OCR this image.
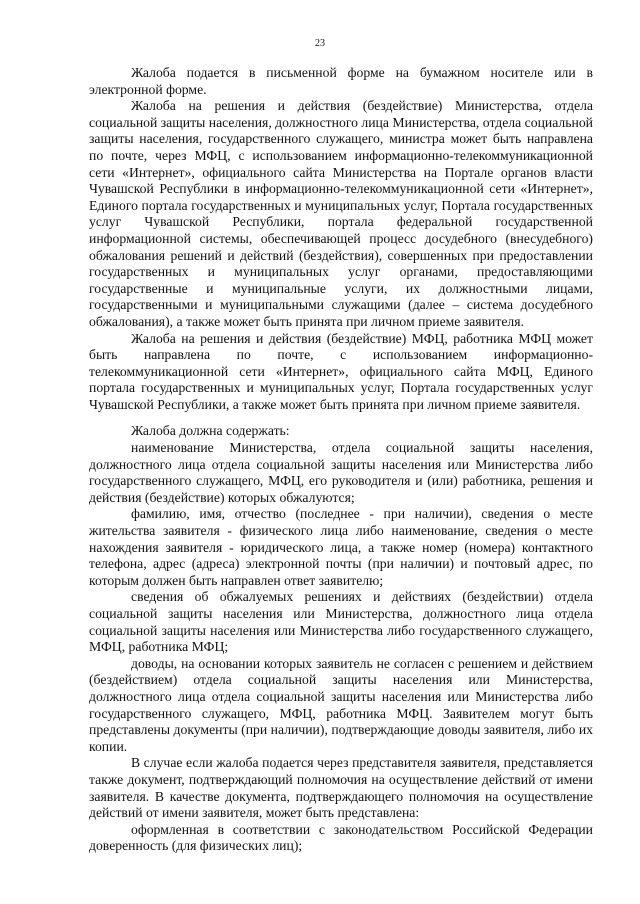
23

Жалоба подается в письменной форме на бумажном носителе или в электронной форме.

Жалоба на решения и действия (бездействие) Министерства, отдела социальной защиты населения, должностного лица Министерства, отдела социальной защиты населения, государственного служащего, министра может быть направлена по почте, через МФЦ, с использованием информационно-телекоммуникационной сети «Интернет», официального сайта Министерства на Портале органов власти Чувашской Республики в информационно-телекоммуникационной сети «Интернет», Единого портала государственных и муниципальных услуг, Портала государственных услуг Чувашской Республики, портала федеральной государственной информационной системы, обеспечивающей процесс досудебного (внесудебного) обжалования решений и действий (бездействия), совершенных при предоставлении государственных и муниципальных услуг органами, предоставляющими государственные и муниципальные услуги, их должностными лицами, государственными и муниципальными служащими (далее – система досудебного обжалования), а также может быть принята при личном приеме заявителя.

Жалоба на решения и действия (бездействие) МФЦ, работника МФЦ может быть направлена по почте, с использованием информационно-телекоммуникационной сети «Интернет», официального сайта МФЦ, Единого портала государственных и муниципальных услуг, Портала государственных услуг Чувашской Республики, а также может быть принята при личном приеме заявителя.

Жалоба должна содержать:

наименование Министерства, отдела социальной защиты населения, должностного лица отдела социальной защиты населения или Министерства либо государственного служащего, МФЦ, его руководителя и (или) работника, решения и действия (бездействие) которых обжалуются;

фамилию, имя, отчество (последнее - при наличии), сведения о месте жительства заявителя - физического лица либо наименование, сведения о месте нахождения заявителя - юридического лица, а также номер (номера) контактного телефона, адрес (адреса) электронной почты (при наличии) и почтовый адрес, по которым должен быть направлен ответ заявителю;

сведения об обжалуемых решениях и действиях (бездействии) отдела социальной защиты населения или Министерства, должностного лица отдела социальной защиты населения или Министерства либо государственного служащего, МФЦ, работника МФЦ;

доводы, на основании которых заявитель не согласен с решением и действием (бездействием) отдела социальной защиты населения или Министерства, должностного лица отдела социальной защиты населения или Министерства либо государственного служащего, МФЦ, работника МФЦ. Заявителем могут быть представлены документы (при наличии), подтверждающие доводы заявителя, либо их копии.

В случае если жалоба подается через представителя заявителя, представляется также документ, подтверждающий полномочия на осуществление действий от имени заявителя. В качестве документа, подтверждающего полномочия на осуществление действий от имени заявителя, может быть представлена:

оформленная в соответствии с законодательством Российской Федерации доверенность (для физических лиц);
